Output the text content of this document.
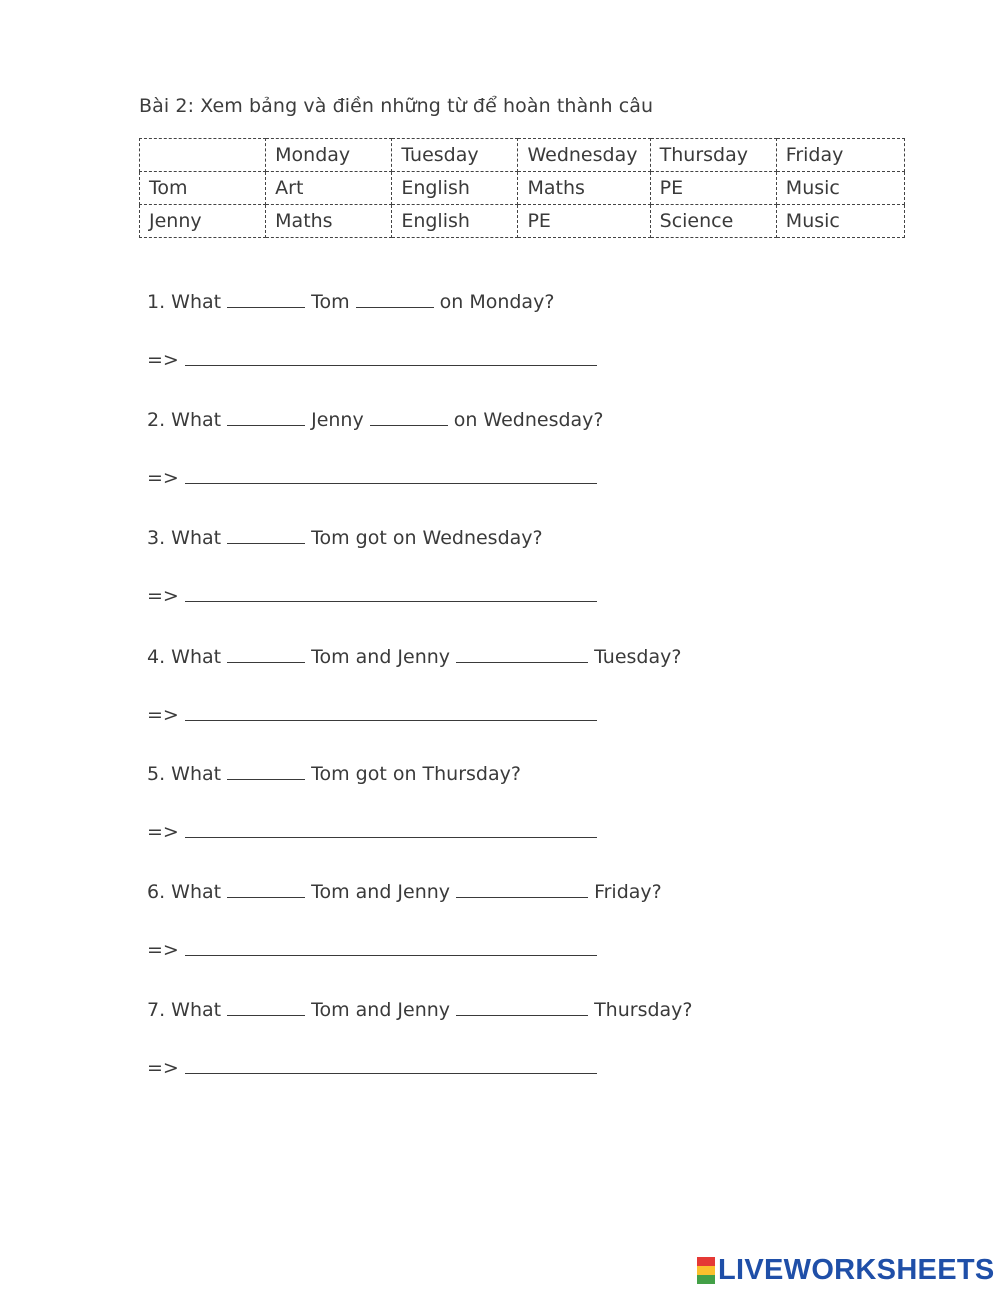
Bài 2: Xem bảng và điền những từ để hoàn thành câu
	Monday	Tuesday	Wednesday	Thursday	Friday
Tom	Art	English	Maths	PE	Music
Jenny	Maths	English	PE	Science	Music
1. What	Tom	on Monday?
=>
2. What	Jenny	on Wednesday?
=>
3. What	Tom got on Wednesday?
=>
4. What	Tom and Jenny	Tuesday?
=>
5. What	Tom got on Thursday?
=>
6. What	Tom and Jenny	Friday?
=>
7. What	Tom and Jenny	Thursday?
=>
LIVEWORKSHEETS
